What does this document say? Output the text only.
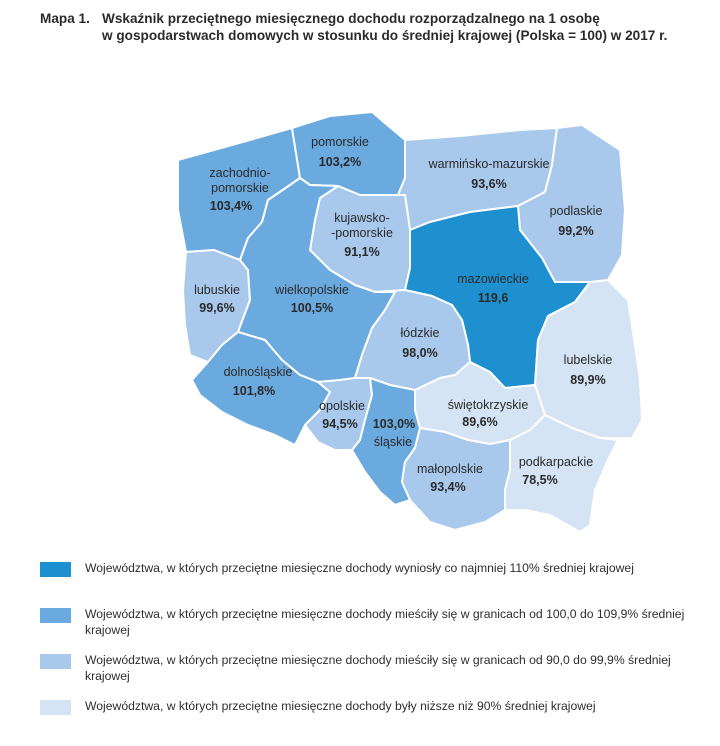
Mapa 1. Wskaźnik przeciętnego miesięcznego dochodu rozporządzalnego na 1 osobę
w gospodarstwach domowych w stosunku do średniej krajowej (Polska = 100) w 2017 r.
zachodnio-
pomorskie
103,4%
pomorskie
103,2%	warmińsko-mazurskie
93,6%
podlaskie
99,2%
kujawsko-
-pomorskie
91,1%
lubuskie
99,6%
wielkopolskie
100,5%
mazowieckie
119,6
łódzkie
98,0%	lubelskie
89,9%
dolnośląskie
101,8%
opolskie
94,5% 103,0%
śląskie
świętokrzyskie
89,6%
małopolskie
93,4%
podkarpackie
78,5%
Województwa, w których przeciętne miesięczne dochody wyniosły co najmniej 110% średniej krajowej
Województwa, w których przeciętne miesięczne dochody mieściły się w granicach od 100,0 do 109,9% średniej krajowej
Województwa, w których przeciętne miesięczne dochody mieściły się w granicach od 90,0 do 99,9% średniej krajowej
Województwa, w których przeciętne miesięczne dochody były niższe niż 90% średniej krajowej
